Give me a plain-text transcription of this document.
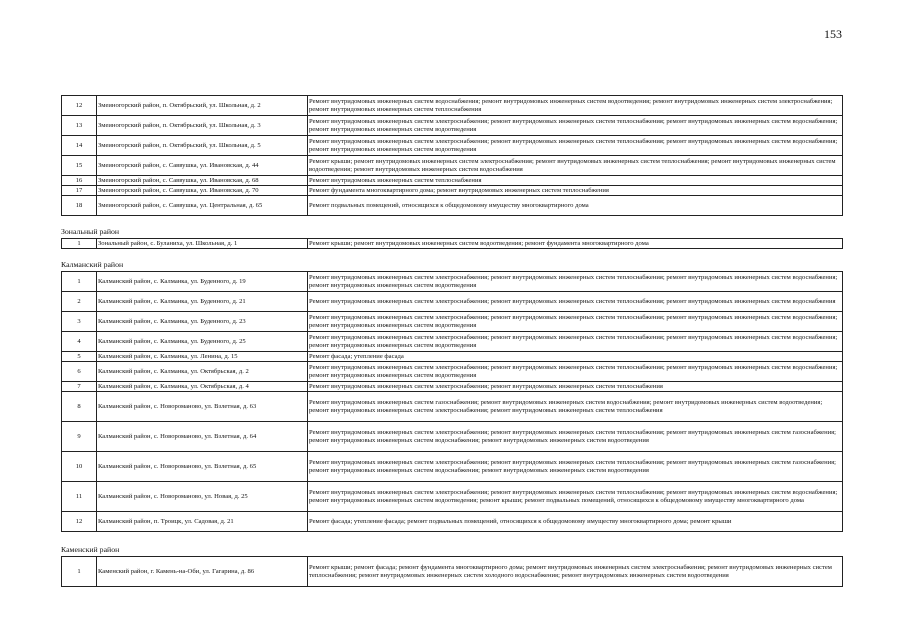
153
12	Змеиногорский район, п. Октябрьский, ул. Школьная, д. 2	Ремонт внутридомовых инженерных систем водоснабжения; ремонт внутридомовых инженерных систем водоотведения; ремонт внутридомовых инженерных систем электроснабжения; ремонт внутридомовых инженерных систем теплоснабжения
13	Змеиногорский район, п. Октябрьский, ул. Школьная, д. 3	Ремонт внутридомовых инженерных систем электроснабжения; ремонт внутридомовых инженерных систем теплоснабжения; ремонт внутридомовых инженерных систем водоснабжения; ремонт внутридомовых инженерных систем водоотведения
14	Змеиногорский район, п. Октябрьский, ул. Школьная, д. 5	Ремонт внутридомовых инженерных систем электроснабжения; ремонт внутридомовых инженерных систем теплоснабжения; ремонт внутридомовых инженерных систем водоснабжения; ремонт внутридомовых инженерных систем водоотведения
15	Змеиногорский район, с. Саввушка, ул. Ивановская, д. 44	Ремонт крыши; ремонт внутридомовых инженерных систем электроснабжения; ремонт внутридомовых инженерных систем теплоснабжения; ремонт внутридомовых инженерных систем водоотведения; ремонт внутридомовых инженерных систем водоснабжения
16	Змеиногорский район, с. Саввушка, ул. Ивановская, д. 68	Ремонт внутридомовых инженерных систем теплоснабжения
17	Змеиногорский район, с. Саввушка, ул. Ивановская, д. 70	Ремонт фундамента многоквартирного дома; ремонт внутридомовых инженерных систем теплоснабжения
18	Змеиногорский район, с. Саввушка, ул. Центральная, д. 65	Ремонт подвальных помещений, относящихся к общедомовому имуществу многоквартирного дома
Зональный район
1	Зональный район, с. Буланиха, ул. Школьная, д. 1	Ремонт крыши; ремонт внутридомовых инженерных систем водоотведения; ремонт фундамента многоквартирного дома
Калманский район
1	Калманский район, с. Калманка, ул. Буденного, д. 19	Ремонт внутридомовых инженерных систем электроснабжения; ремонт внутридомовых инженерных систем теплоснабжения; ремонт внутридомовых инженерных систем водоснабжения; ремонт внутридомовых инженерных систем водоотведения
2	Калманский район, с. Калманка, ул. Буденного, д. 21	Ремонт внутридомовых инженерных систем электроснабжения; ремонт внутридомовых инженерных систем теплоснабжения; ремонт внутридомовых инженерных систем водоснабжения
3	Калманский район, с. Калманка, ул. Буденного, д. 23	Ремонт внутридомовых инженерных систем электроснабжения; ремонт внутридомовых инженерных систем теплоснабжения; ремонт внутридомовых инженерных систем водоснабжения; ремонт внутридомовых инженерных систем водоотведения
4	Калманский район, с. Калманка, ул. Буденного, д. 25	Ремонт внутридомовых инженерных систем электроснабжения; ремонт внутридомовых инженерных систем теплоснабжения; ремонт внутридомовых инженерных систем водоснабжения; ремонт внутридомовых инженерных систем водоотведения
5	Калманский район, с. Калманка, ул. Ленина, д. 15	Ремонт фасада; утепление фасада
6	Калманский район, с. Калманка, ул. Октябрьская, д. 2	Ремонт внутридомовых инженерных систем электроснабжения; ремонт внутридомовых инженерных систем теплоснабжения; ремонт внутридомовых инженерных систем водоснабжения; ремонт внутридомовых инженерных систем водоотведения
7	Калманский район, с. Калманка, ул. Октябрьская, д. 4	Ремонт внутридомовых инженерных систем электроснабжения; ремонт внутридомовых инженерных систем теплоснабжения
8	Калманский район, с. Новороманово, ул. Взлетная, д. 63	Ремонт внутридомовых инженерных систем газоснабжения; ремонт внутридомовых инженерных систем водоснабжения; ремонт внутридомовых инженерных систем водоотведения; ремонт внутридомовых инженерных систем электроснабжения; ремонт внутридомовых инженерных систем теплоснабжения
9	Калманский район, с. Новороманово, ул. Взлетная, д. 64	Ремонт внутридомовых инженерных систем электроснабжения; ремонт внутридомовых инженерных систем теплоснабжения; ремонт внутридомовых инженерных систем газоснабжения; ремонт внутридомовых инженерных систем водоснабжения; ремонт внутридомовых инженерных систем водоотведения
10	Калманский район, с. Новороманово, ул. Взлетная, д. 65	Ремонт внутридомовых инженерных систем электроснабжения; ремонт внутридомовых инженерных систем теплоснабжения; ремонт внутридомовых инженерных систем газоснабжения; ремонт внутридомовых инженерных систем водоснабжения; ремонт внутридомовых инженерных систем водоотведения
11	Калманский район, с. Новороманово, ул. Новая, д. 25	Ремонт внутридомовых инженерных систем электроснабжения; ремонт внутридомовых инженерных систем теплоснабжения; ремонт внутридомовых инженерных систем водоснабжения; ремонт внутридомовых инженерных систем водоотведения; ремонт крыши; ремонт подвальных помещений, относящихся к общедомовому имуществу многоквартирного дома
12	Калманский район, п. Троицк, ул. Садовая, д. 21	Ремонт фасада; утепление фасада; ремонт подвальных помещений, относящихся к общедомовому имуществу многоквартирного дома; ремонт крыши
Каменский район
1	Каменский район, г. Камень-на-Оби, ул. Гагарина, д. 86	Ремонт крыши; ремонт фасада; ремонт фундамента многоквартирного дома; ремонт внутридомовых инженерных систем электроснабжения; ремонт внутридомовых инженерных систем теплоснабжения; ремонт внутридомовых инженерных систем холодного водоснабжения; ремонт внутридомовых инженерных систем водоотведения
